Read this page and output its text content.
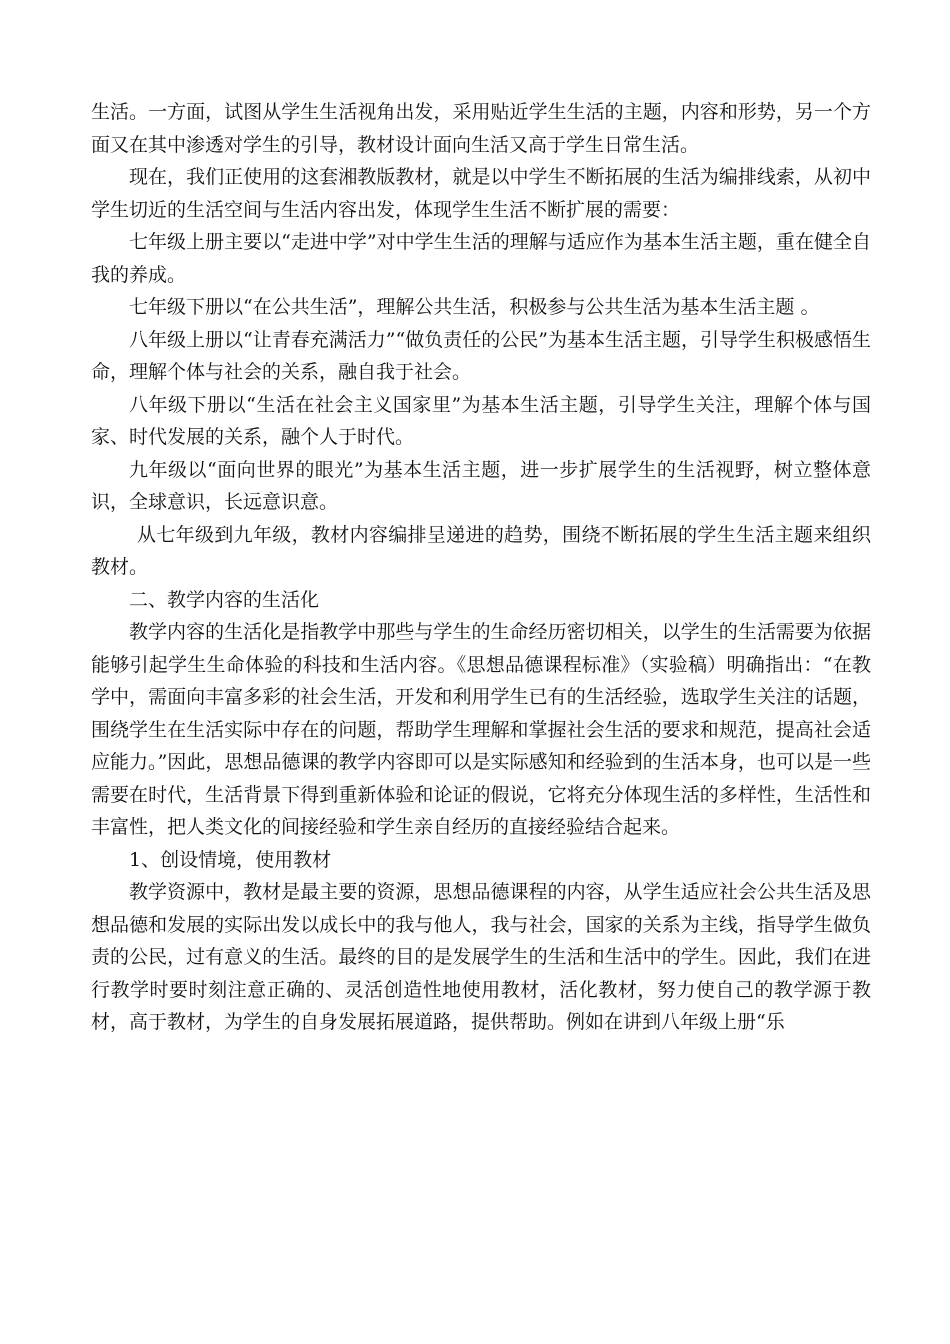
生活。一方面，试图从学生生活视角出发，采用贴近学生生活的主题，内容和形势，另一个方面又在其中渗透对学生的引导，教材设计面向生活又高于学生日常生活。

现在，我们正使用的这套湘教版教材，就是以中学生不断拓展的生活为编排线索，从初中学生切近的生活空间与生活内容出发，体现学生生活不断扩展的需要：

七年级上册主要以“走进中学”对中学生生活的理解与适应作为基本生活主题，重在健全自我的养成。

七年级下册以“在公共生活”，理解公共生活，积极参与公共生活为基本生活主题 。

八年级上册以“让青春充满活力”“做负责任的公民”为基本生活主题，引导学生积极感悟生命，理解个体与社会的关系，融自我于社会。

八年级下册以“生活在社会主义国家里”为基本生活主题，引导学生关注，理解个体与国家、时代发展的关系，融个人于时代。

九年级以“面向世界的眼光”为基本生活主题，进一步扩展学生的生活视野，树立整体意识，全球意识，长远意识意。

从七年级到九年级，教材内容编排呈递进的趋势，围绕不断拓展的学生生活主题来组织教材。

二、教学内容的生活化

教学内容的生活化是指教学中那些与学生的生命经历密切相关，以学生的生活需要为依据能够引起学生生命体验的科技和生活内容。《思想品德课程标准》（实验稿）明确指出：“在教学中，需面向丰富多彩的社会生活，开发和利用学生已有的生活经验，选取学生关注的话题，围绕学生在生活实际中存在的问题，帮助学生理解和掌握社会生活的要求和规范，提高社会适应能力。”因此，思想品德课的教学内容即可以是实际感知和经验到的生活本身，也可以是一些需要在时代，生活背景下得到重新体验和论证的假说，它将充分体现生活的多样性，生活性和丰富性，把人类文化的间接经验和学生亲自经历的直接经验结合起来。

1、创设情境，使用教材

教学资源中，教材是最主要的资源，思想品德课程的内容，从学生适应社会公共生活及思想品德和发展的实际出发以成长中的我与他人，我与社会，国家的关系为主线，指导学生做负责的公民，过有意义的生活。最终的目的是发展学生的生活和生活中的学生。因此，我们在进行教学时要时刻注意正确的、灵活创造性地使用教材，活化教材，努力使自己的教学源于教材，高于教材，为学生的自身发展拓展道路，提供帮助。例如在讲到八年级上册“乐
